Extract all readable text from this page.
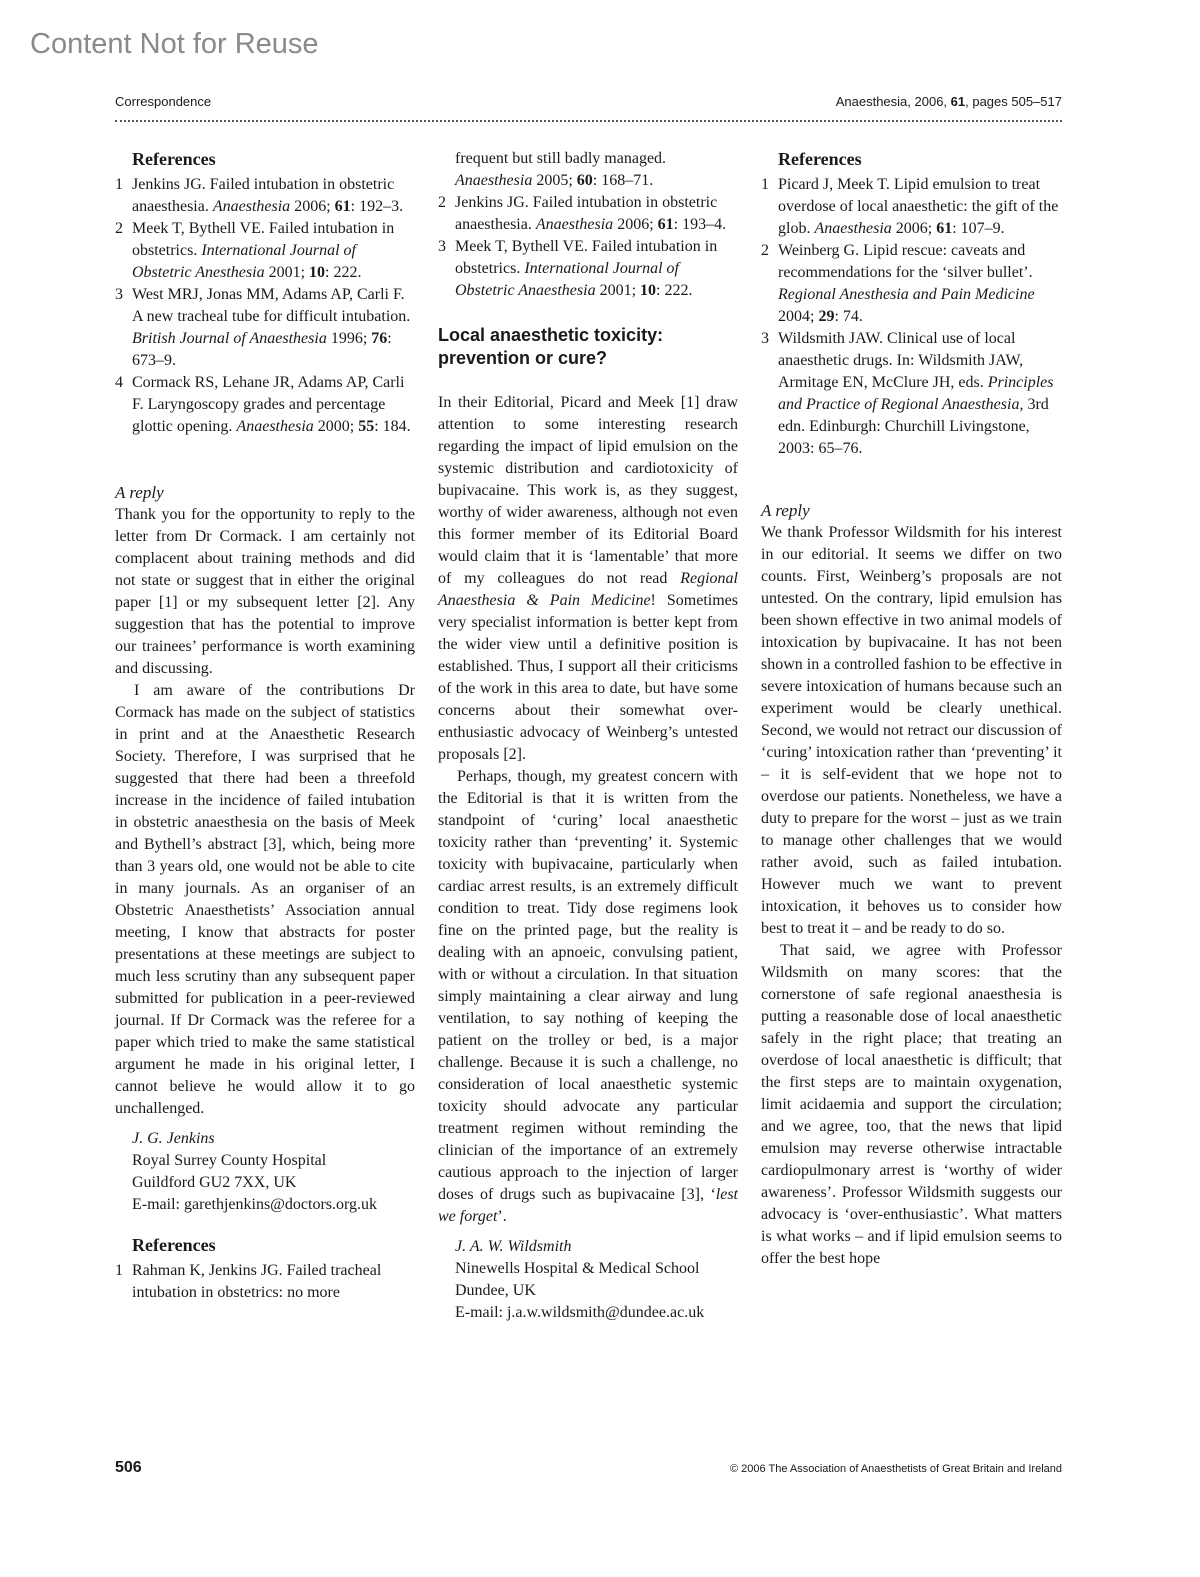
Content Not for Reuse
Correspondence	Anaesthesia, 2006, 61, pages 505–517
References
1 Jenkins JG. Failed intubation in obstetric anaesthesia. Anaesthesia 2006; 61: 192–3.
2 Meek T, Bythell VE. Failed intubation in obstetrics. International Journal of Obstetric Anesthesia 2001; 10: 222.
3 West MRJ, Jonas MM, Adams AP, Carli F. A new tracheal tube for difficult intubation. British Journal of Anaesthesia 1996; 76: 673–9.
4 Cormack RS, Lehane JR, Adams AP, Carli F. Laryngoscopy grades and percentage glottic opening. Anaesthesia 2000; 55: 184.
A reply

Thank you for the opportunity to reply to the letter from Dr Cormack. I am certainly not complacent about training methods and did not state or suggest that in either the original paper [1] or my subsequent letter [2]. Any suggestion that has the potential to improve our trainees’ performance is worth examining and discussing.

I am aware of the contributions Dr Cormack has made on the subject of statistics in print and at the Anaesthetic Research Society. Therefore, I was surprised that he suggested that there had been a threefold increase in the incidence of failed intubation in obstetric anaesthesia on the basis of Meek and Bythell’s abstract [3], which, being more than 3 years old, one would not be able to cite in many journals. As an organiser of an Obstetric Anaesthetists’ Association annual meeting, I know that abstracts for poster presentations at these meetings are subject to much less scrutiny than any subsequent paper submitted for publication in a peer-reviewed journal. If Dr Cormack was the referee for a paper which tried to make the same statistical argument he made in his original letter, I cannot believe he would allow it to go unchallenged.

J. G. Jenkins
Royal Surrey County Hospital
Guildford GU2 7XX, UK
E-mail: garethjenkins@doctors.org.uk
References
1 Rahman K, Jenkins JG. Failed tracheal intubation in obstetrics: no more
frequent but still badly managed. Anaesthesia 2005; 60: 168–71.
2 Jenkins JG. Failed intubation in obstetric anaesthesia. Anaesthesia 2006; 61: 193–4.
3 Meek T, Bythell VE. Failed intubation in obstetrics. International Journal of Obstetric Anaesthesia 2001; 10: 222.
Local anaesthetic toxicity: prevention or cure?

In their Editorial, Picard and Meek [1] draw attention to some interesting research regarding the impact of lipid emulsion on the systemic distribution and cardiotoxicity of bupivacaine. This work is, as they suggest, worthy of wider awareness, although not even this former member of its Editorial Board would claim that it is ‘lamentable’ that more of my colleagues do not read Regional Anaesthesia & Pain Medicine! Sometimes very specialist information is better kept from the wider view until a definitive position is established. Thus, I support all their criticisms of the work in this area to date, but have some concerns about their somewhat over-enthusiastic advocacy of Weinberg’s untested proposals [2].

Perhaps, though, my greatest concern with the Editorial is that it is written from the standpoint of ‘curing’ local anaesthetic toxicity rather than ‘preventing’ it. Systemic toxicity with bupivacaine, particularly when cardiac arrest results, is an extremely difficult condition to treat. Tidy dose regimens look fine on the printed page, but the reality is dealing with an apnoeic, convulsing patient, with or without a circulation. In that situation simply maintaining a clear airway and lung ventilation, to say nothing of keeping the patient on the trolley or bed, is a major challenge. Because it is such a challenge, no consideration of local anaesthetic systemic toxicity should advocate any particular treatment regimen without reminding the clinician of the importance of an extremely cautious approach to the injection of larger doses of drugs such as bupivacaine [3], ‘lest we forget’.

J. A. W. Wildsmith
Ninewells Hospital & Medical School
Dundee, UK
E-mail: j.a.w.wildsmith@dundee.ac.uk
References
1 Picard J, Meek T. Lipid emulsion to treat overdose of local anaesthetic: the gift of the glob. Anaesthesia 2006; 61: 107–9.
2 Weinberg G. Lipid rescue: caveats and recommendations for the ‘silver bullet’. Regional Anesthesia and Pain Medicine 2004; 29: 74.
3 Wildsmith JAW. Clinical use of local anaesthetic drugs. In: Wildsmith JAW, Armitage EN, McClure JH, eds. Principles and Practice of Regional Anaesthesia, 3rd edn. Edinburgh: Churchill Livingstone, 2003: 65–76.
A reply

We thank Professor Wildsmith for his interest in our editorial. It seems we differ on two counts. First, Weinberg’s proposals are not untested. On the contrary, lipid emulsion has been shown effective in two animal models of intoxication by bupivacaine. It has not been shown in a controlled fashion to be effective in severe intoxication of humans because such an experiment would be clearly unethical. Second, we would not retract our discussion of ‘curing’ intoxication rather than ‘preventing’ it – it is self-evident that we hope not to overdose our patients. Nonetheless, we have a duty to prepare for the worst – just as we train to manage other challenges that we would rather avoid, such as failed intubation. However much we want to prevent intoxication, it behoves us to consider how best to treat it – and be ready to do so.

That said, we agree with Professor Wildsmith on many scores: that the cornerstone of safe regional anaesthesia is putting a reasonable dose of local anaesthetic safely in the right place; that treating an overdose of local anaesthetic is difficult; that the first steps are to maintain oxygenation, limit acidaemia and support the circulation; and we agree, too, that the news that lipid emulsion may reverse otherwise intractable cardiopulmonary arrest is ‘worthy of wider awareness’. Professor Wildsmith suggests our advocacy is ‘over-enthusiastic’. What matters is what works – and if lipid emulsion seems to offer the best hope

506	© 2006 The Association of Anaesthetists of Great Britain and Ireland
